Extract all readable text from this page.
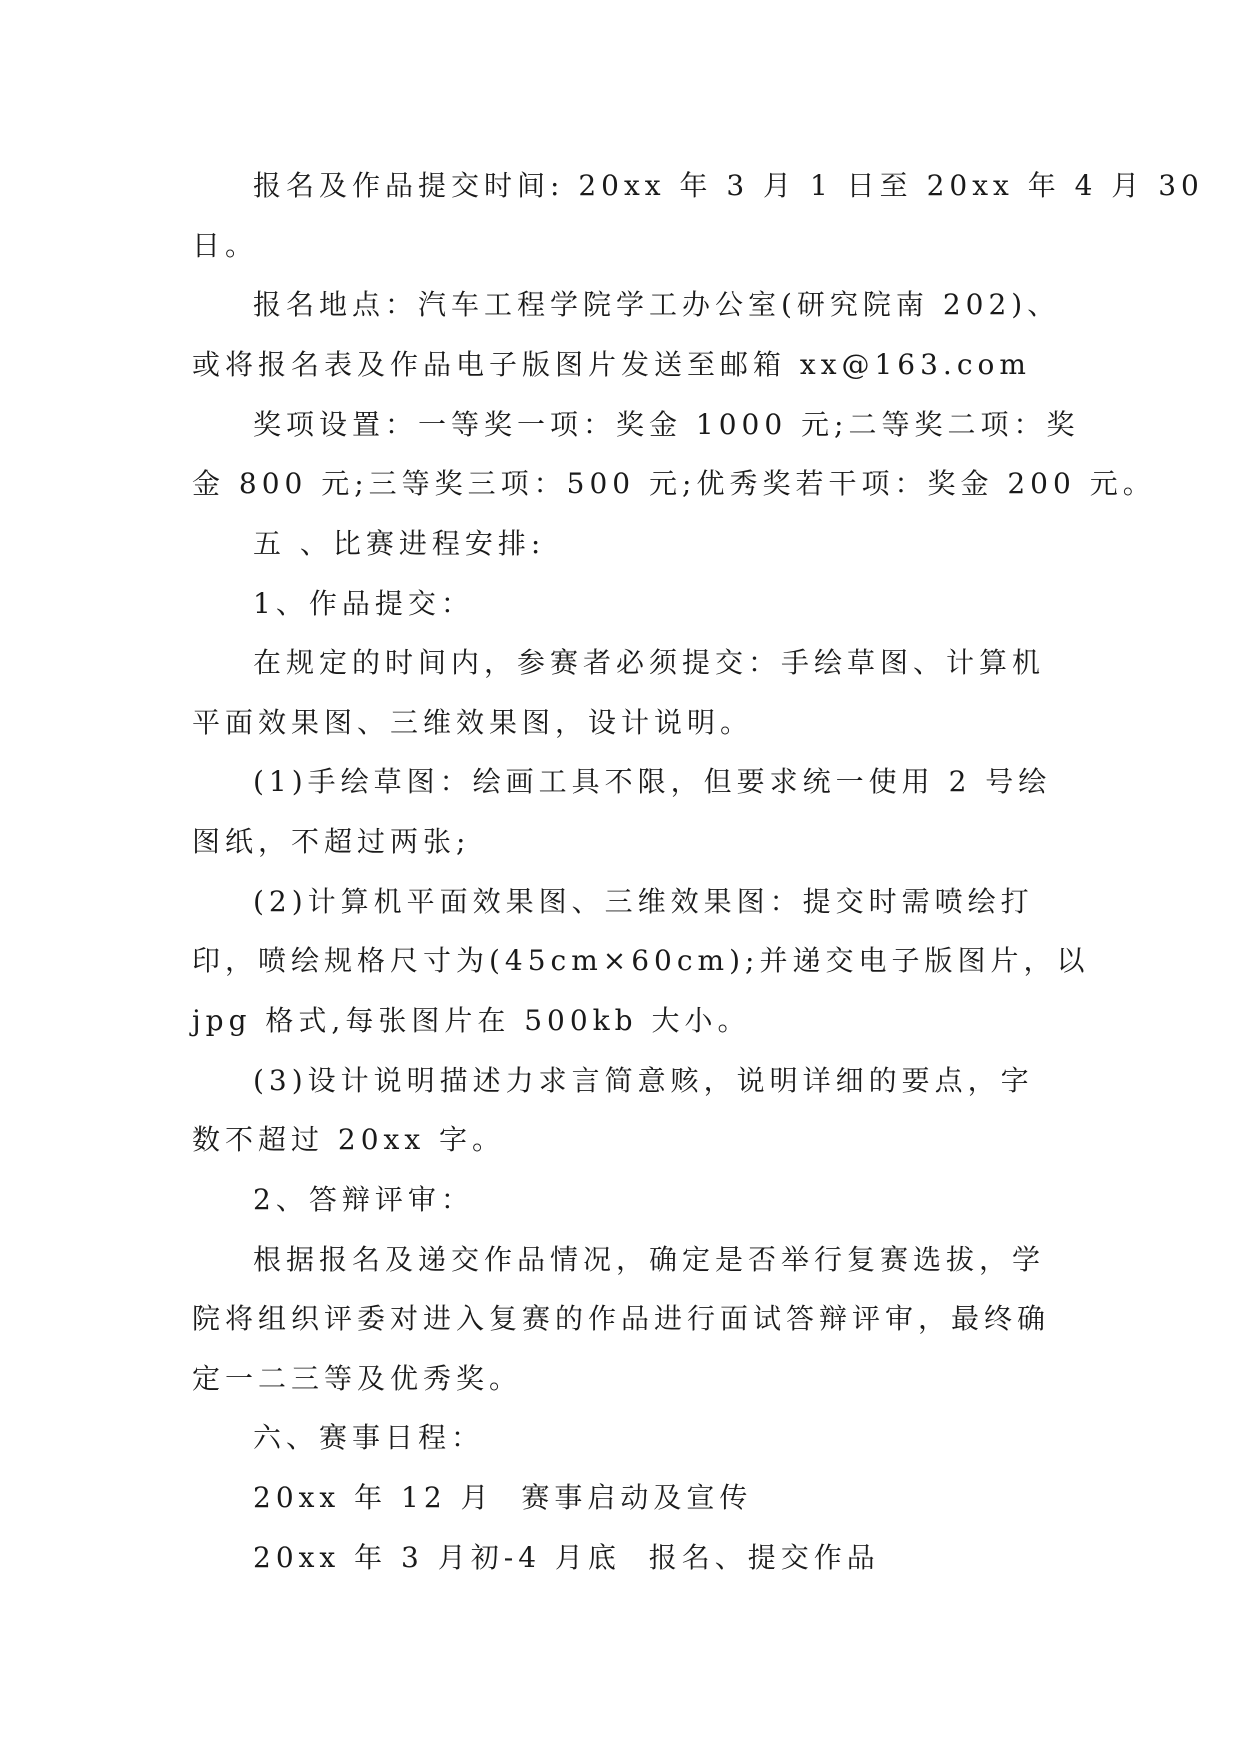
报名及作品提交时间: 20xx 年 3 月 1 日至 20xx 年 4 月 30
日。
报名地点：汽车工程学院学工办公室(研究院南 202)、
或将报名表及作品电子版图片发送至邮箱 xx@163.com
奖项设置：一等奖一项：奖金 1000 元;二等奖二项：奖
金 800 元;三等奖三项：500 元;优秀奖若干项：奖金 200 元。
五 、比赛进程安排:
1、作品提交：
在规定的时间内，参赛者必须提交：手绘草图、计算机
平面效果图、三维效果图，设计说明。
(1)手绘草图：绘画工具不限，但要求统一使用 2 号绘
图纸，不超过两张;
(2)计算机平面效果图、三维效果图：提交时需喷绘打
印，喷绘规格尺寸为(45cm×60cm);并递交电子版图片，以
jpg 格式,每张图片在 500kb 大小。
(3)设计说明描述力求言简意赅，说明详细的要点，字
数不超过 20xx 字。
2、答辩评审：
根据报名及递交作品情况，确定是否举行复赛选拔，学
院将组织评委对进入复赛的作品进行面试答辩评审，最终确
定一二三等及优秀奖。
六、赛事日程：
20xx 年 12 月  赛事启动及宣传
20xx 年 3 月初-4 月底  报名、提交作品
